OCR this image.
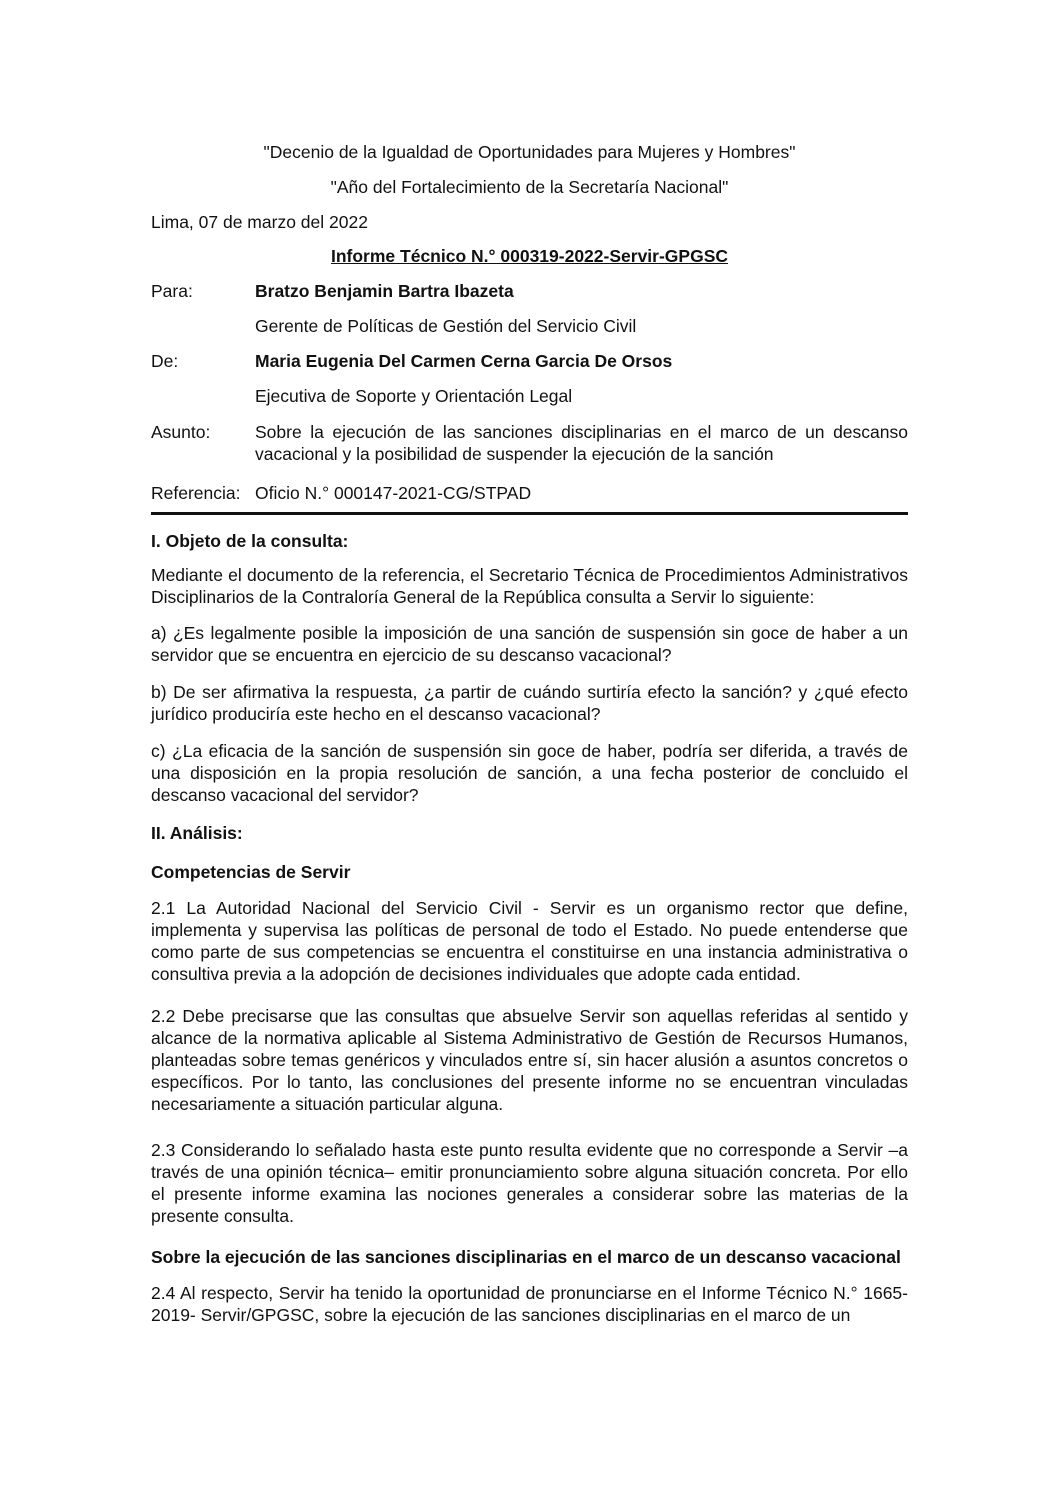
"Decenio de la Igualdad de Oportunidades para Mujeres y Hombres"
"Año del Fortalecimiento de la Secretaría Nacional"
Lima, 07 de marzo del 2022
Informe Técnico N.° 000319-2022-Servir-GPGSC
Para:	Bratzo Benjamin Bartra Ibazeta
Gerente de Políticas de Gestión del Servicio Civil
De:	Maria Eugenia Del Carmen Cerna Garcia De Orsos
Ejecutiva de Soporte y Orientación Legal
Asunto:	Sobre la ejecución de las sanciones disciplinarias en el marco de un descanso vacacional y la posibilidad de suspender la ejecución de la sanción
Referencia: Oficio N.° 000147-2021-CG/STPAD
I. Objeto de la consulta:
Mediante el documento de la referencia, el Secretario Técnica de Procedimientos Administrativos Disciplinarios de la Contraloría General de la República consulta a Servir lo siguiente:
a) ¿Es legalmente posible la imposición de una sanción de suspensión sin goce de haber a un servidor que se encuentra en ejercicio de su descanso vacacional?
b) De ser afirmativa la respuesta, ¿a partir de cuándo surtiría efecto la sanción? y ¿qué efecto jurídico produciría este hecho en el descanso vacacional?
c) ¿La eficacia de la sanción de suspensión sin goce de haber, podría ser diferida, a través de una disposición en la propia resolución de sanción, a una fecha posterior de concluido el descanso vacacional del servidor?
II. Análisis:
Competencias de Servir
2.1 La Autoridad Nacional del Servicio Civil - Servir es un organismo rector que define, implementa y supervisa las políticas de personal de todo el Estado. No puede entenderse que como parte de sus competencias se encuentra el constituirse en una instancia administrativa o consultiva previa a la adopción de decisiones individuales que adopte cada entidad.
2.2 Debe precisarse que las consultas que absuelve Servir son aquellas referidas al sentido y alcance de la normativa aplicable al Sistema Administrativo de Gestión de Recursos Humanos, planteadas sobre temas genéricos y vinculados entre sí, sin hacer alusión a asuntos concretos o específicos. Por lo tanto, las conclusiones del presente informe no se encuentran vinculadas necesariamente a situación particular alguna.
2.3 Considerando lo señalado hasta este punto resulta evidente que no corresponde a Servir –a través de una opinión técnica– emitir pronunciamiento sobre alguna situación concreta. Por ello el presente informe examina las nociones generales a considerar sobre las materias de la presente consulta.
Sobre la ejecución de las sanciones disciplinarias en el marco de un descanso vacacional
2.4 Al respecto, Servir ha tenido la oportunidad de pronunciarse en el Informe Técnico N.° 1665-2019- Servir/GPGSC, sobre la ejecución de las sanciones disciplinarias en el marco de un
